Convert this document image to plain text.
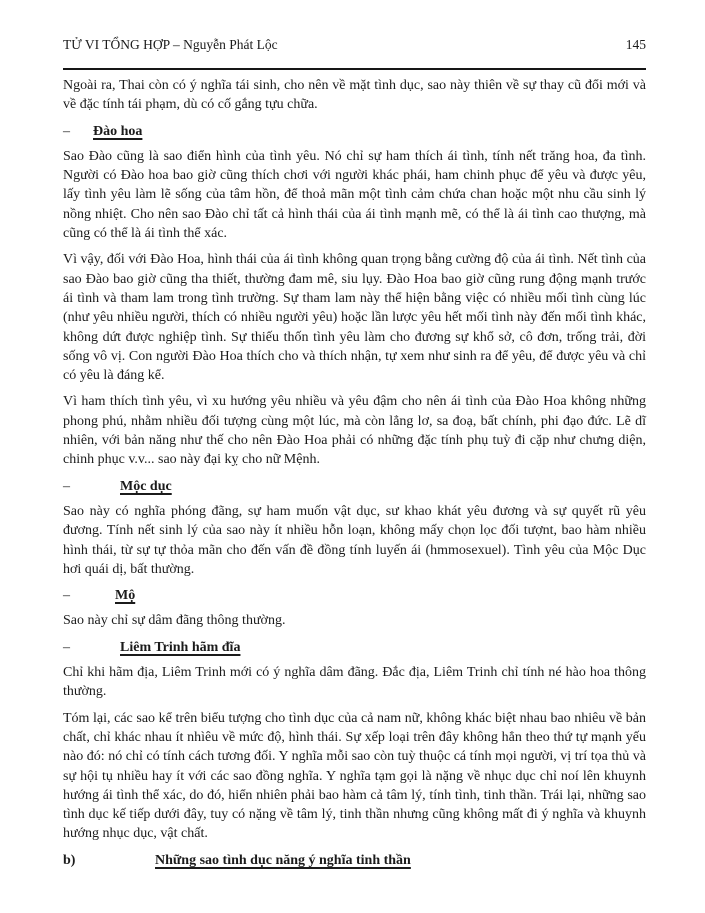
TỬ VI TỔNG HỢP – Nguyễn Phát Lộc	145

Ngoài ra, Thai còn có ý nghĩa tái sinh, cho nên về mặt tình dục, sao này thiên về sự thay cũ đổi mới và về đặc tính tái phạm, dù có cố gắng tựu chữa.

– Đào hoa

Sao Đào cũng là sao điển hình của tình yêu. Nó chỉ sự ham thích ái tình, tính nết trăng hoa, đa tình. Người có Đào hoa bao giờ cũng thích chơi với người khác phái, ham chinh phục để yêu và được yêu, lấy tình yêu làm lẽ sống của tâm hồn, để thoả mãn một tình cảm chứa chan hoặc một nhu cầu sinh lý nồng nhiệt. Cho nên sao Đào chỉ tất cả hình thái của ái tình mạnh mẽ, có thể là ái tình cao thượng, mà cũng có thể là ái tình thể xác.

Vì vậy, đối với Đào Hoa, hình thái của ái tình không quan trọng bằng cường độ của ái tình. Nết tình của sao Đào bao giờ cũng tha thiết, thường đam mê, siu lụy. Đào Hoa bao giờ cũng rung động mạnh trước ái tình và tham lam trong tình trường. Sự tham lam này thể hiện bằng việc có nhiều mối tình cùng lúc (như yêu nhiều người, thích có nhiều người yêu) hoặc lần lược yêu hết mối tình này đến mối tình khác, không dứt được nghiệp tình. Sự thiếu thốn tình yêu làm cho đương sự khổ sở, cô đơn, trống trải, đời sống vô vị. Con người Đào Hoa thích cho và thích nhận, tự xem như sinh ra để yêu, để được yêu và chỉ có yêu là đáng kể.

Vì ham thích tình yêu, vì xu hướng yêu nhiều và yêu đậm cho nên ái tình của Đào Hoa không những phong phú, nhằm nhiều đối tượng cùng một lúc, mà còn lẳng lơ, sa đoạ, bất chính, phi đạo đức. Lẽ dĩ nhiên, với bản năng như thế cho nên Đào Hoa phải có những đặc tính phụ tuỳ đi cặp như chưng diện, chinh phục v.v... sao này đại kỵ cho nữ Mệnh.

–	Mộc dục

Sao này có nghĩa phóng đãng, sự ham muốn vật dục, sư khao khát yêu đương và sự quyết rũ yêu đương. Tính nết sinh lý của sao này ít nhiều hỗn loạn, không mấy chọn lọc đối tượnt, bao hàm nhiều hình thái, từ sự tự thỏa mãn cho đến vấn đề đồng tính luyến ái (hmmosexuel). Tình yêu của Mộc Dục hơi quái dị, bất thường.

–	Mộ

Sao này chỉ sự dâm đãng thông thường.

–	Liêm Trinh hãm đĩa

Chỉ khi hãm địa, Liêm Trinh mới có ý nghĩa dâm đãng. Đắc địa, Liêm Trinh chỉ tính né hào hoa thông thường.

Tóm lại, các sao kể trên biểu tượng cho tình dục của cả nam nữ, không khác biệt nhau bao nhiêu về bản chất, chỉ khác nhau ít nhìêu về mức độ, hình thái. Sự xếp loại trên đây không hẳn theo thứ tự mạnh yếu nào đó: nó chỉ có tính cách tương đối. Y nghĩa mỗi sao còn tuỳ thuộc cá tính mọi người, vị trí tọa thủ và sự hội tụ nhiều hay ít với các sao đồng nghĩa. Y nghĩa tạm gọi là nặng về nhục dục chỉ noí lên khuynh hướng ái tình thể xác, do đó, hiển nhiên phải bao hàm cả tâm lý, tính tình, tinh thần. Trái lại, những sao tình dục kế tiếp dưới đây, tuy có nặng về tâm lý, tinh thần nhưng cũng không mất đi ý nghĩa và khuynh hướng nhục dục, vật chất.

b)	Những sao tình dục năng ý nghĩa tinh thần
